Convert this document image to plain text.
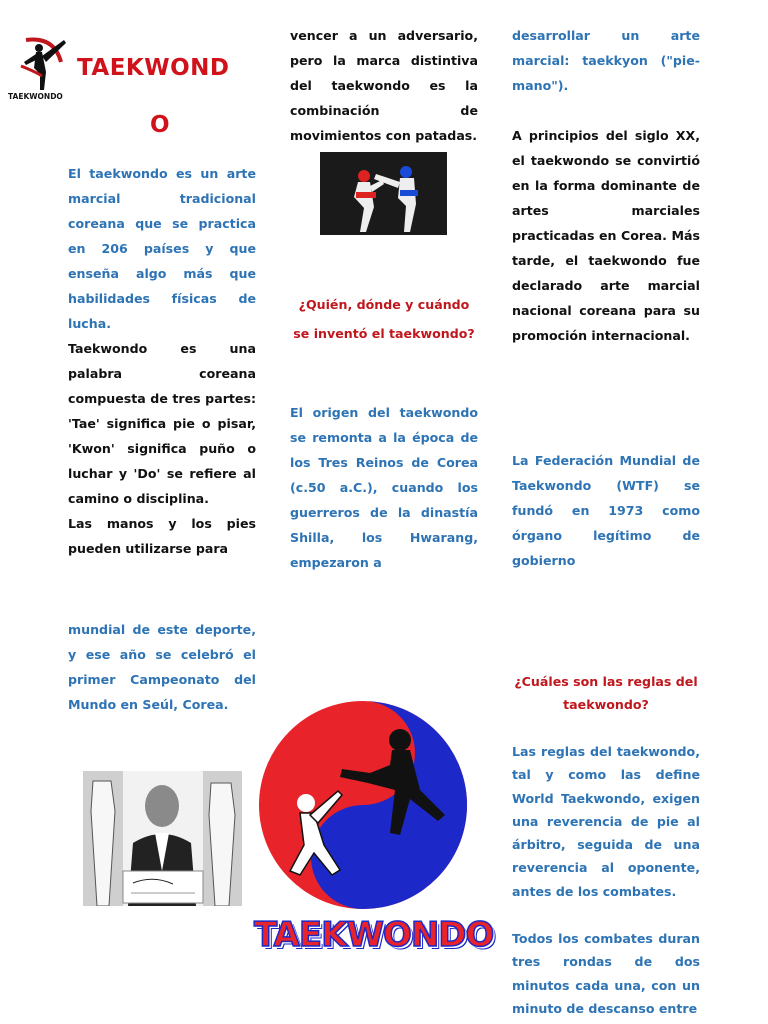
TAEKWONDO
TAEKWOND
O

El taekwondo es un arte marcial tradicional coreana que se practica en 206 países y que enseña algo más que habilidades físicas de lucha.

Taekwondo es una palabra coreana compuesta de tres partes: 'Tae' significa pie o pisar, 'Kwon' significa puño o luchar y 'Do' se refiere al camino o disciplina.

Las manos y los pies pueden utilizarse para

mundial de este deporte, y ese año se celebró el primer Campeonato del Mundo en Seúl, Corea.

vencer a un adversario, pero la marca distintiva del taekwondo es la combinación de movimientos con patadas.

¿Quién, dónde y cuándo se inventó el taekwondo?

El origen del taekwondo se remonta a la época de los Tres Reinos de Corea (c.50 a.C.), cuando los guerreros de la dinastía Shilla, los Hwarang, empezaron a

TAEKWONDO

desarrollar un arte marcial: taekkyon ("pie-mano").

A principios del siglo XX, el taekwondo se convirtió en la forma dominante de artes marciales practicadas en Corea. Más tarde, el taekwondo fue declarado arte marcial nacional coreana para su promoción internacional.

La Federación Mundial de Taekwondo (WTF) se fundó en 1973 como órgano legítimo de gobierno

¿Cuáles son las reglas del taekwondo?

Las reglas del taekwondo, tal y como las define World Taekwondo, exigen una reverencia de pie al árbitro, seguida de una reverencia al oponente, antes de los combates.

Todos los combates duran tres rondas de dos minutos cada una, con un minuto de descanso entre
